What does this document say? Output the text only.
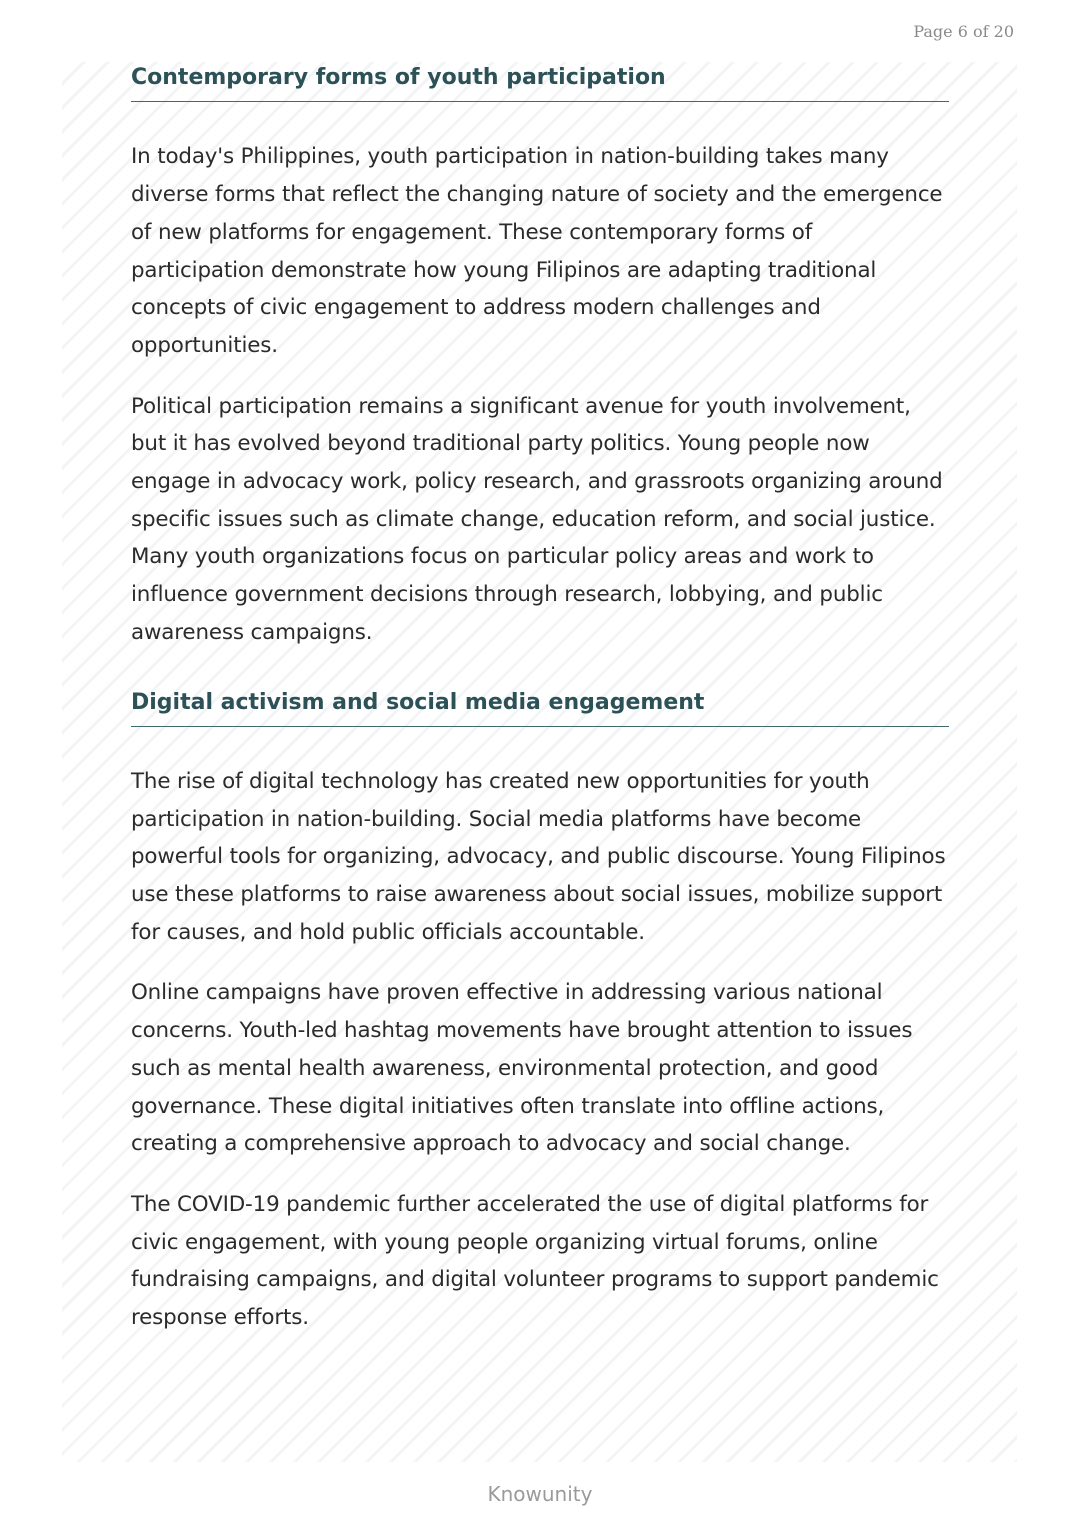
Page 6 of 20
Contemporary forms of youth participation

In today's Philippines, youth participation in nation-building takes many diverse forms that reflect the changing nature of society and the emergence of new platforms for engagement. These contemporary forms of participation demonstrate how young Filipinos are adapting traditional concepts of civic engagement to address modern challenges and opportunities.

Political participation remains a significant avenue for youth involvement, but it has evolved beyond traditional party politics. Young people now engage in advocacy work, policy research, and grassroots organizing around specific issues such as climate change, education reform, and social justice. Many youth organizations focus on particular policy areas and work to influence government decisions through research, lobbying, and public awareness campaigns.

Digital activism and social media engagement

The rise of digital technology has created new opportunities for youth participation in nation-building. Social media platforms have become powerful tools for organizing, advocacy, and public discourse. Young Filipinos use these platforms to raise awareness about social issues, mobilize support for causes, and hold public officials accountable.

Online campaigns have proven effective in addressing various national concerns. Youth-led hashtag movements have brought attention to issues such as mental health awareness, environmental protection, and good governance. These digital initiatives often translate into offline actions, creating a comprehensive approach to advocacy and social change.

The COVID-19 pandemic further accelerated the use of digital platforms for civic engagement, with young people organizing virtual forums, online fundraising campaigns, and digital volunteer programs to support pandemic response efforts.

Knowunity
